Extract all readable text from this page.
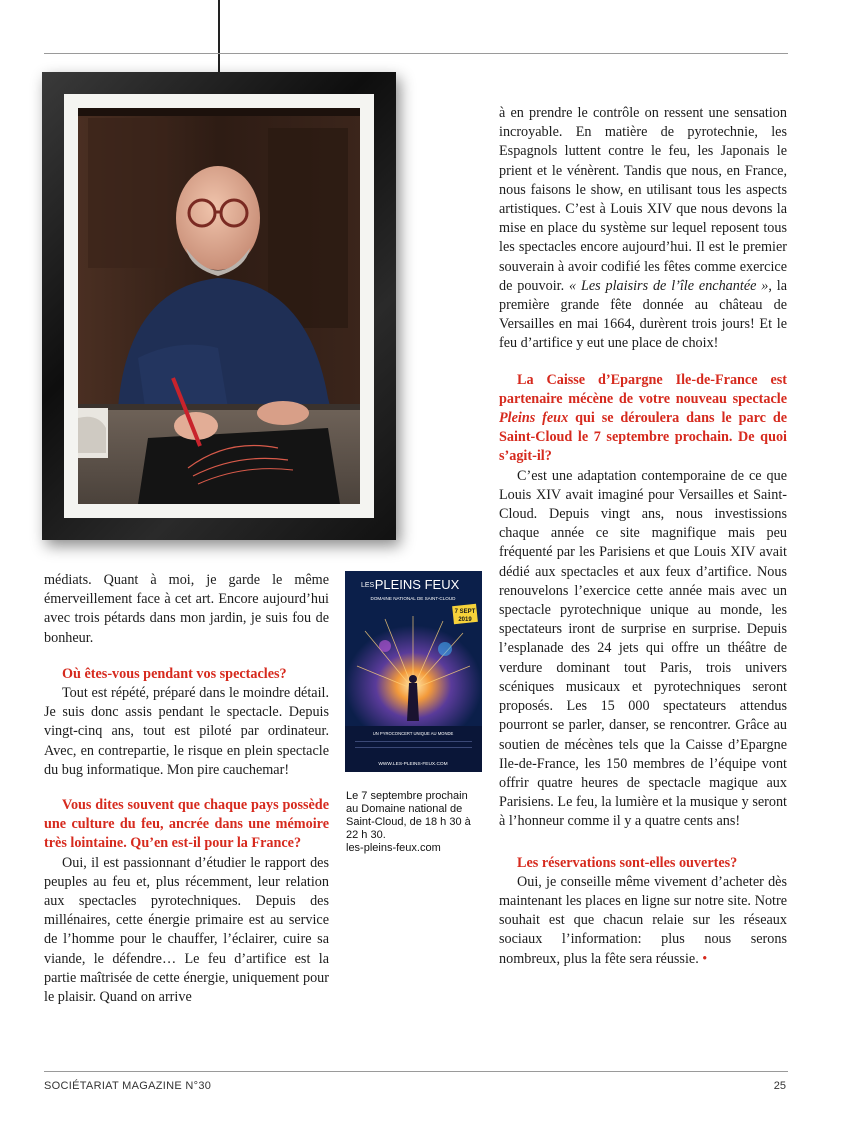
médiats. Quant à moi, je garde le même émerveillement face à cet art. Encore aujourd’hui avec trois pétards dans mon jardin, je suis fou de bonheur.

Où êtes-vous pendant vos spectacles?

Tout est répété, préparé dans le moindre détail. Je suis donc assis pendant le spectacle. Depuis vingt-cinq ans, tout est piloté par ordinateur. Avec, en contrepartie, le risque en plein spectacle du bug informatique. Mon pire cauchemar!

Vous dites souvent que chaque pays possède une culture du feu, ancrée dans une mémoire très lointaine. Qu’en est-il pour la France?

Oui, il est passionnant d’étudier le rapport des peuples au feu et, plus récemment, leur relation aux spectacles pyrotechniques. Depuis des millénaires, cette énergie primaire est au service de l’homme pour le chauffer, l’éclairer, cuire sa viande, le défendre… Le feu d’artifice est la partie maîtrisée de cette énergie, uniquement pour le plaisir. Quand on arrive

7 SEPT
2019
LES PLEINS FEUX
DOMAINE NATIONAL DE SAINT-CLOUD
UN PYROCONCERT UNIQUE AU MONDE
WWW.LES-PLEINS-FEUX.COM
Le 7 septembre prochain au Domaine national de Saint-Cloud, de 18 h 30 à 22 h 30.
les-pleins-feux.com

à en prendre le contrôle on ressent une sensation incroyable. En matière de pyrotechnie, les Espagnols luttent contre le feu, les Japonais le prient et le vénèrent. Tandis que nous, en France, nous faisons le show, en utilisant tous les aspects artistiques. C’est à Louis XIV que nous devons la mise en place du système sur lequel reposent tous les spectacles encore aujourd’hui. Il est le premier souverain à avoir codifié les fêtes comme exercice de pouvoir. « Les plaisirs de l’île enchantée », la première grande fête donnée au château de Versailles en mai 1664, durèrent trois jours! Et le feu d’artifice y eut une place de choix!

La Caisse d’Epargne Ile-de-France est partenaire mécène de votre nouveau spectacle Pleins feux qui se déroulera dans le parc de Saint-Cloud le 7 septembre prochain. De quoi s’agit-il?

C’est une adaptation contemporaine de ce que Louis XIV avait imaginé pour Versailles et Saint-Cloud. Depuis vingt ans, nous investissions chaque année ce site magnifique mais peu fréquenté par les Parisiens et que Louis XIV avait dédié aux spectacles et aux feux d’artifice. Nous renouvelons l’exercice cette année mais avec un spectacle pyrotechnique unique au monde, les spectateurs iront de surprise en surprise. Depuis l’esplanade des 24 jets qui offre un théâtre de verdure dominant tout Paris, trois univers scéniques musicaux et pyrotechniques seront proposés. Les 15 000 spectateurs attendus pourront se parler, danser, se rencontrer. Grâce au soutien de mécènes tels que la Caisse d’Epargne Ile-de-France, les 150 membres de l’équipe vont offrir quatre heures de spectacle magique aux Parisiens. Le feu, la lumière et la musique y seront à l’honneur comme il y a quatre cents ans!

Les réservations sont-elles ouvertes?

Oui, je conseille même vivement d’acheter dès maintenant les places en ligne sur notre site. Notre souhait est que chacun relaie sur les réseaux sociaux l’information: plus nous serons nombreux, plus la fête sera réussie. •

SOCIÉTARIAT MAGAZINE N°30	25
